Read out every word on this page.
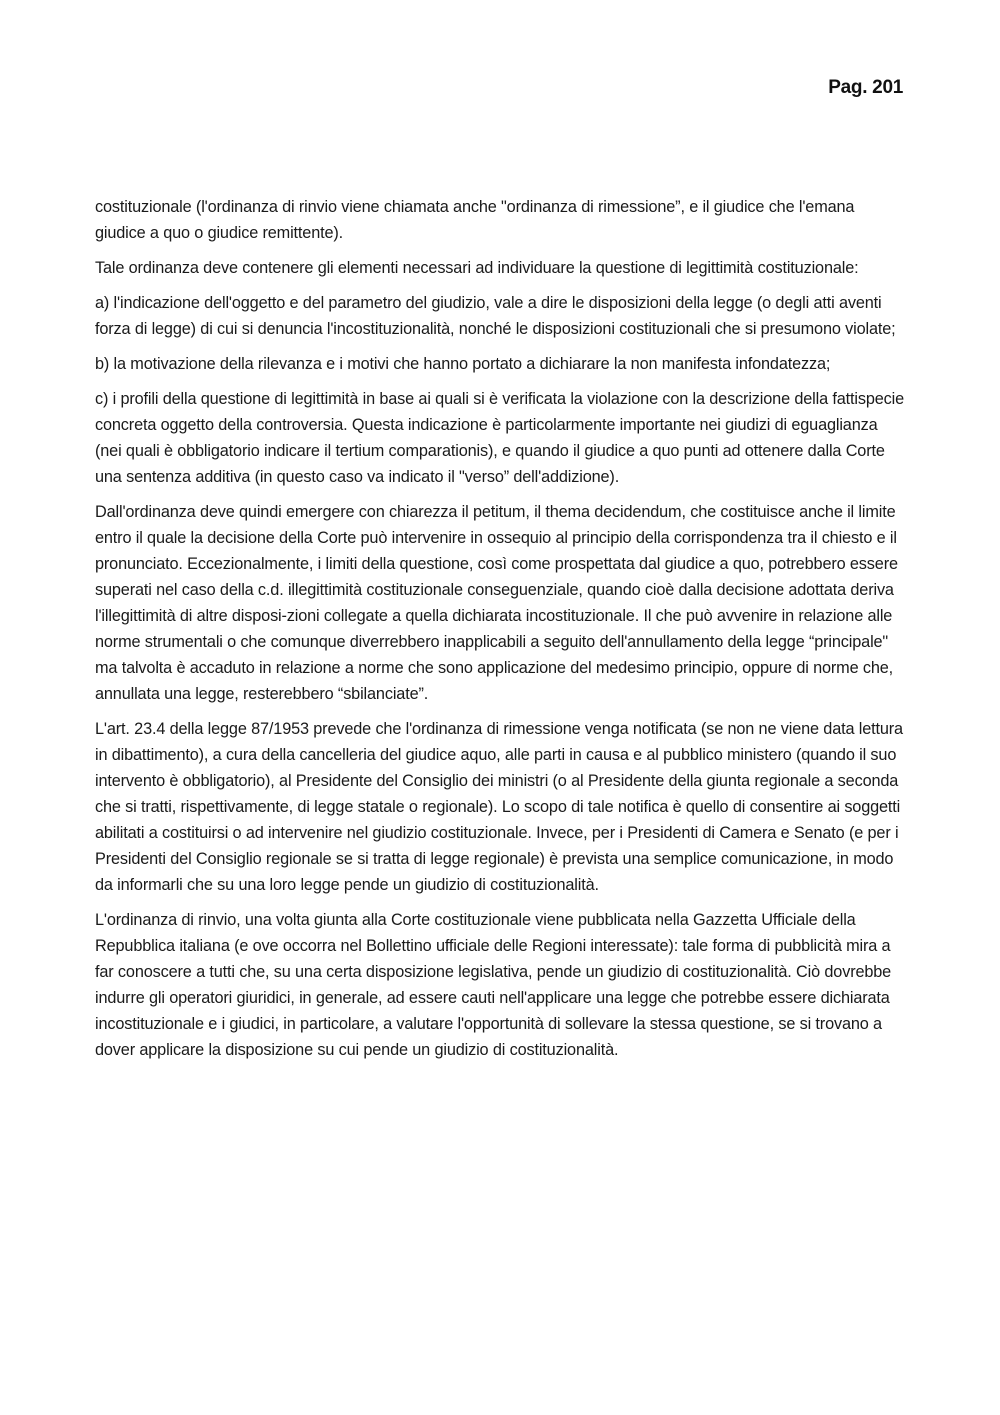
Pag. 201

costituzionale (l'ordinanza di rinvio viene chiamata anche "ordinanza di rimessione”, e il giudice che l'emana giudice a quo o giudice remittente).

Tale ordinanza deve contenere gli elementi necessari ad individuare la questione di legittimità costituzionale:

a) l'indicazione dell'oggetto e del parametro del giudizio, vale a dire le disposizioni della legge (o degli atti aventi forza di legge) di cui si denuncia l'incostituzionalità, nonché le disposizioni costituzionali che si presumono violate;

b) la motivazione della rilevanza e i motivi che hanno portato a dichiarare la non manifesta infondatezza;

c) i profili della questione di legittimità in base ai quali si è verificata la violazione con la descrizione della fattispecie concreta oggetto della controversia. Questa indicazione è particolarmente importante nei giudizi di eguaglianza (nei quali è obbligatorio indicare il tertium comparationis), e quando il giudice a quo punti ad ottenere dalla Corte una sentenza additiva (in questo caso va indicato il "verso” dell'addizione).

Dall'ordinanza deve quindi emergere con chiarezza il petitum, il thema decidendum, che costituisce anche il limite entro il quale la decisione della Corte può intervenire in ossequio al principio della corrispondenza tra il chiesto e il pronunciato. Eccezionalmente, i limiti della questione, così come prospettata dal giudice a quo, potrebbero essere superati nel caso della c.d. illegittimità costituzionale conseguenziale, quando cioè dalla decisione adottata deriva l'illegittimità di altre disposi-zioni collegate a quella dichiarata incostituzionale. Il che può avvenire in relazione alle norme strumentali o che comunque diverrebbero inapplicabili a seguito dell'annullamento della legge “principale" ma talvolta è accaduto in relazione a norme che sono applicazione del medesimo principio, oppure di norme che, annullata una legge, resterebbero “sbilanciate”.

L'art. 23.4 della legge 87/1953 prevede che l'ordinanza di rimessione venga notificata (se non ne viene data lettura in dibattimento), a cura della cancelleria del giudice aquo, alle parti in causa e al pubblico ministero (quando il suo intervento è obbligatorio), al Presidente del Consiglio dei ministri (o al Presidente della giunta regionale a seconda che si tratti, rispettivamente, di legge statale o regionale). Lo scopo di tale notifica è quello di consentire ai soggetti abilitati a costituirsi o ad intervenire nel giudizio costituzionale. Invece, per i Presidenti di Camera e Senato (e per i Presidenti del Consiglio regionale se si tratta di legge regionale) è prevista una semplice comunicazione, in modo da informarli che su una loro legge pende un giudizio di costituzionalità.

L'ordinanza di rinvio, una volta giunta alla Corte costituzionale viene pubblicata nella Gazzetta Ufficiale della Repubblica italiana (e ove occorra nel Bollettino ufficiale delle Regioni interessate): tale forma di pubblicità mira a far conoscere a tutti che, su una certa disposizione legislativa, pende un giudizio di costituzionalità. Ciò dovrebbe indurre gli operatori giuridici, in generale, ad essere cauti nell'applicare una legge che potrebbe essere dichiarata incostituzionale e i giudici, in particolare, a valutare l'opportunità di sollevare la stessa questione, se si trovano a dover applicare la disposizione su cui pende un giudizio di costituzionalità.
